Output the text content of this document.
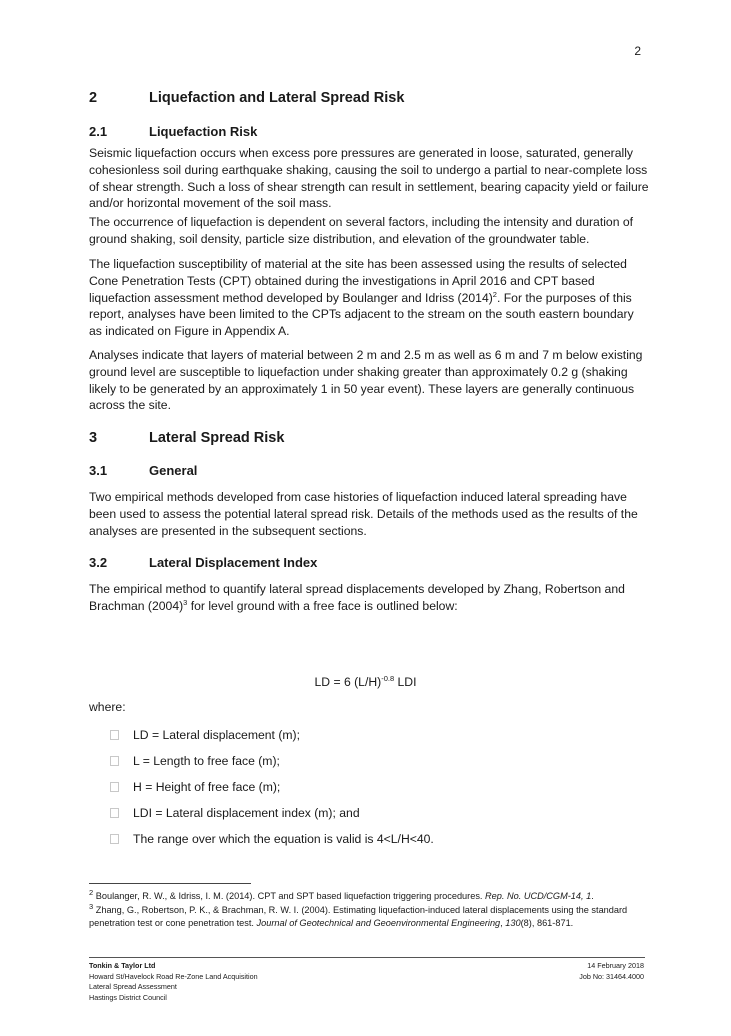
2
2	Liquefaction and Lateral Spread Risk
2.1	Liquefaction Risk

Seismic liquefaction occurs when excess pore pressures are generated in loose, saturated, generally cohesionless soil during earthquake shaking, causing the soil to undergo a partial to near-complete loss of shear strength. Such a loss of shear strength can result in settlement, bearing capacity yield or failure and/or horizontal movement of the soil mass.

The occurrence of liquefaction is dependent on several factors, including the intensity and duration of ground shaking, soil density, particle size distribution, and elevation of the groundwater table.

The liquefaction susceptibility of material at the site has been assessed using the results of selected Cone Penetration Tests (CPT) obtained during the investigations in April 2016 and CPT based liquefaction assessment method developed by Boulanger and Idriss $(2014)^2$. For the purposes of this report, analyses have been limited to the CPTs adjacent to the stream on the south eastern boundary as indicated on Figure in Appendix A.

Analyses indicate that layers of material between 2 m and 2.5 m as well as 6 m and 7 m below existing ground level are susceptible to liquefaction under shaking greater than approximately 0.2 g (shaking likely to be generated by an approximately 1 in 50 year event). These layers are generally continuous across the site.

3	Lateral Spread Risk
3.1	General

Two empirical methods developed from case histories of liquefaction induced lateral spreading have been used to assess the potential lateral spread risk. Details of the methods used as the results of the analyses are presented in the subsequent sections.

3.2	Lateral Displacement Index

The empirical method to quantify lateral spread displacements developed by Zhang, Robertson and Brachman $(2004)^3$ for level ground with a free face is outlined below:

LD = 6 $(L/H)^{-0.8}$ LDI
where:
LD = Lateral displacement (m);
L = Length to free face (m);
H = Height of free face (m);
LDI = Lateral displacement index (m); and
The range over which the equation is valid is 4<L/H<40.
$^2$ Boulanger, R. W., & Idriss, I. M. (2014). CPT and SPT based liquefaction triggering procedures. Rep. No. UCD/CGM-14, 1.
$^3$ Zhang, G., Robertson, P. K., & Brachman, R. W. I. (2004). Estimating liquefaction-induced lateral displacements using the standard penetration test or cone penetration test. Journal of Geotechnical and Geoenvironmental Engineering, 130(8), 861-871.
Tonkin & Taylor Ltd
Howard St/Havelock Road Re-Zone Land Acquisition
Lateral Spread Assessment
Hastings District Council
14 February 2018
Job No: 31464.4000
